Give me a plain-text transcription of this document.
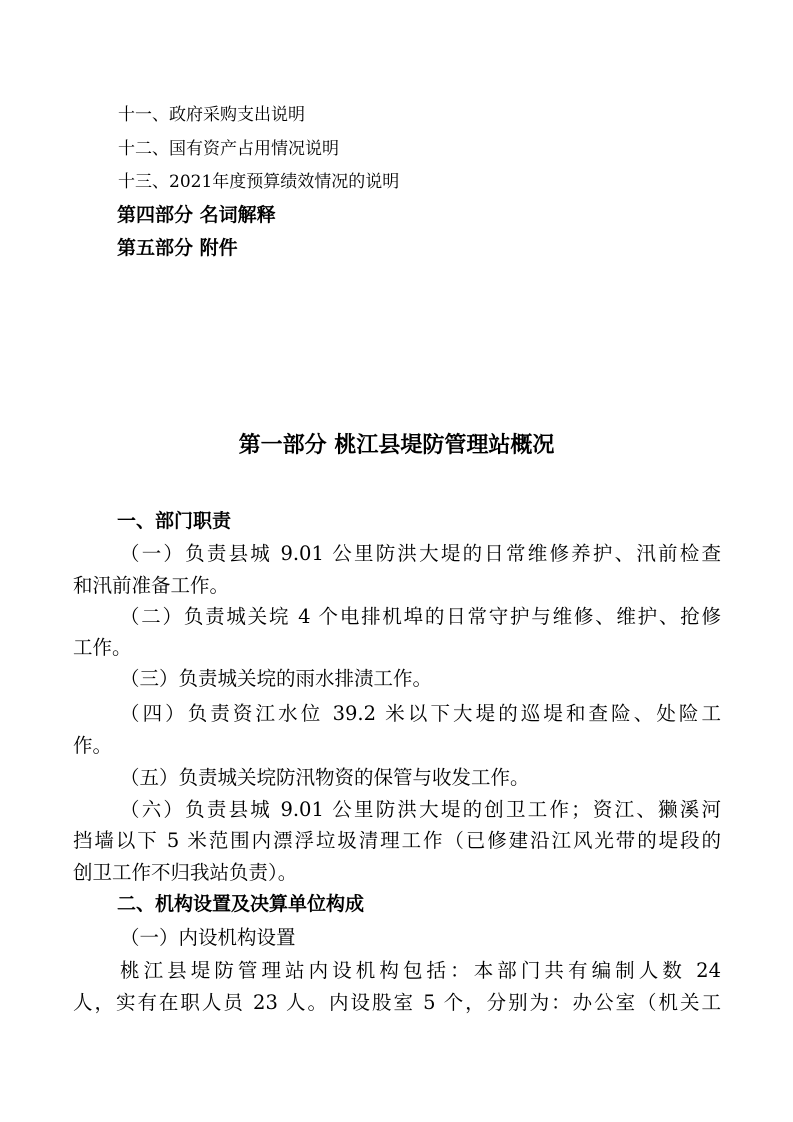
十一、政府采购支出说明
十二、国有资产占用情况说明
十三、2021年度预算绩效情况的说明
第四部分 名词解释
第五部分 附件
第一部分 桃江县堤防管理站概况
一、部门职责
（一）负责县城 9.01 公里防洪大堤的日常维修养护、汛前检查
和汛前准备工作。
（二）负责城关垸 4 个电排机埠的日常守护与维修、维护、抢修
工作。
（三）负责城关垸的雨水排渍工作。
（四）负责资江水位 39.2 米以下大堤的巡堤和查险、处险工
作。
（五）负责城关垸防汛物资的保管与收发工作。
（六）负责县城 9.01 公里防洪大堤的创卫工作；资江、獭溪河
挡墙以下 5 米范围内漂浮垃圾清理工作（已修建沿江风光带的堤段的
创卫工作不归我站负责）。
二、机构设置及决算单位构成
（一）内设机构设置
桃江县堤防管理站内设机构包括：本部门共有编制人数 24
人，实有在职人员 23 人。内设股室 5 个，分别为：办公室（机关工
